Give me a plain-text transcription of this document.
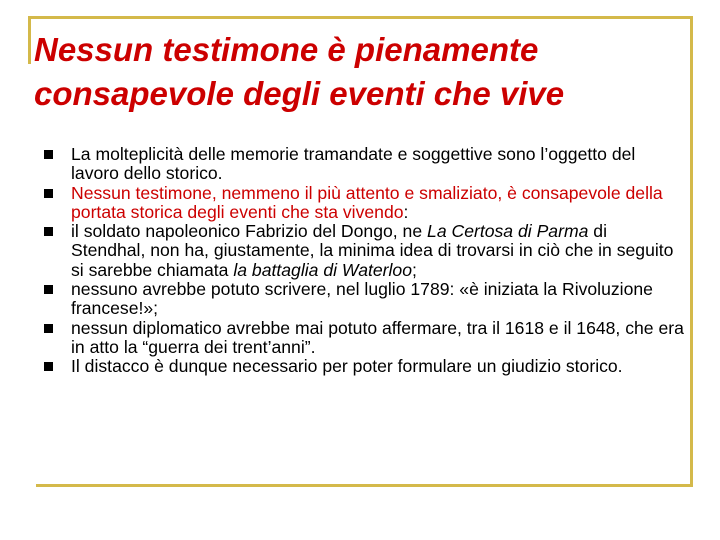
Nessun testimone è pienamente
consapevole degli eventi che vive
La molteplicità delle memorie tramandate e soggettive sono l’oggetto del lavoro dello storico.
Nessun testimone, nemmeno il più attento e smaliziato, è consapevole della portata storica degli eventi che sta vivendo:
il soldato napoleonico Fabrizio del Dongo, ne La Certosa di Parma di Stendhal, non ha, giustamente, la minima idea di trovarsi in ciò che in seguito si sarebbe chiamata la battaglia di Waterloo;
nessuno avrebbe potuto scrivere, nel luglio 1789: «è iniziata la Rivoluzione francese!»;
nessun diplomatico avrebbe mai potuto affermare, tra il 1618 e il 1648, che era in atto la “guerra dei trent’anni”.
Il distacco è dunque necessario per poter formulare un giudizio storico.
